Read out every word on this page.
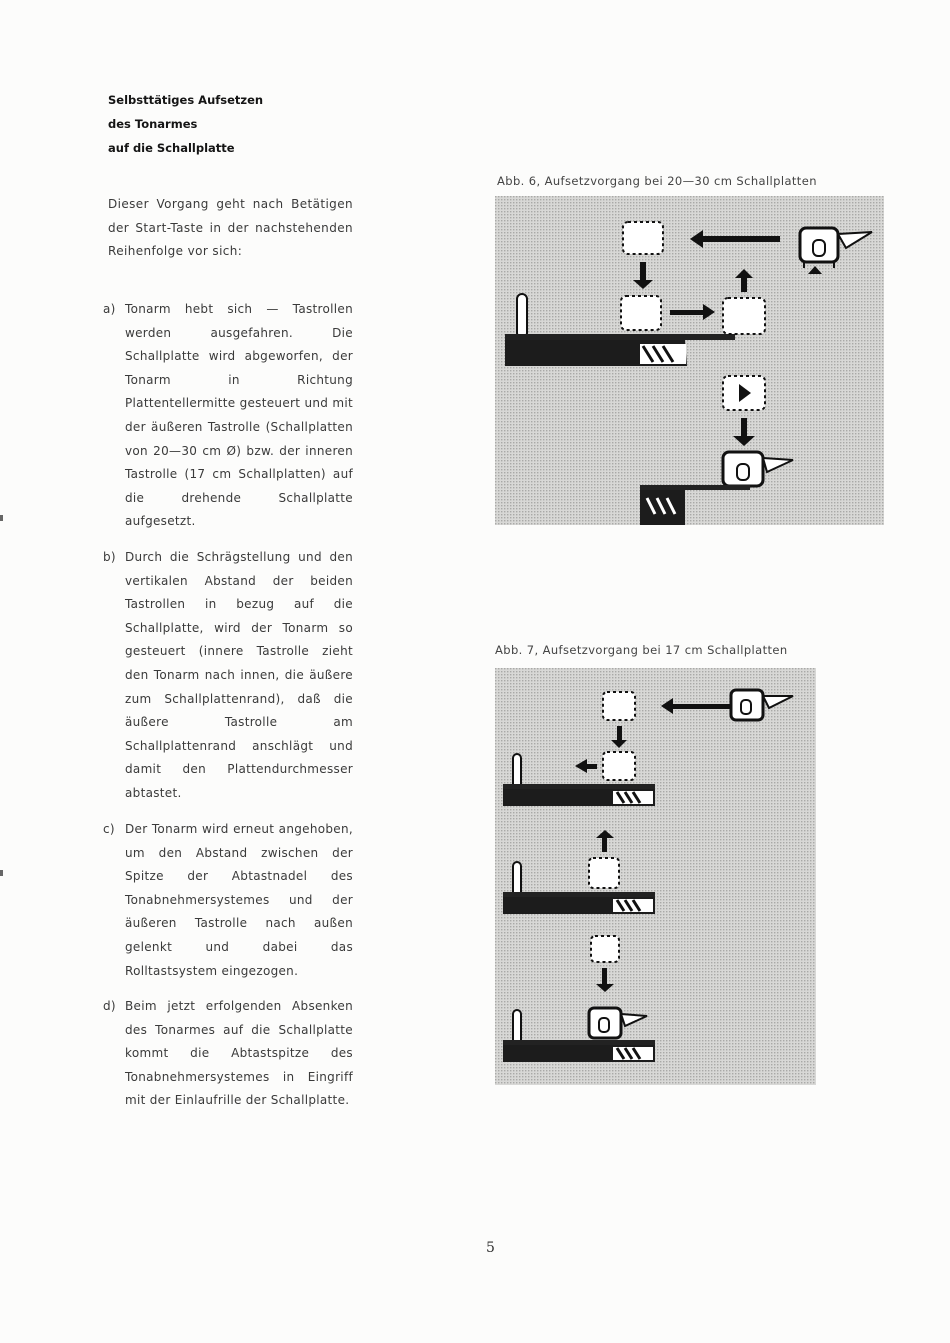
Selbsttätiges Aufsetzen
des Tonarmes
auf die Schallplatte
Dieser Vorgang geht nach Betätigen der Start-Taste in der nachstehenden Reihenfolge vor sich:
a) Tonarm hebt sich — Tastrollen werden ausgefahren. Die Schallplatte wird abgeworfen, der Tonarm in Richtung Plattentellermitte gesteuert und mit der äußeren Tastrolle (Schallplatten von 20—30 cm Ø) bzw. der inneren Tastrolle (17 cm Schallplatten) auf die drehende Schallplatte aufgesetzt.
b) Durch die Schrägstellung und den vertikalen Abstand der beiden Tastrollen in bezug auf die Schallplatte, wird der Tonarm so gesteuert (innere Tastrolle zieht den Tonarm nach innen, die äußere zum Schallplattenrand), daß die äußere Tastrolle am Schallplattenrand anschlägt und damit den Plattendurchmesser abtastet.
c) Der Tonarm wird erneut angehoben, um den Abstand zwischen der Spitze der Abtastnadel des Tonabnehmersystemes und der äußeren Tastrolle nach außen gelenkt und dabei das Rolltastsystem eingezogen.
d) Beim jetzt erfolgenden Absenken des Tonarmes auf die Schallplatte kommt die Abtastspitze des Tonabnehmersystemes in Eingriff mit der Einlaufrille der Schallplatte.
Abb. 6, Aufsetzvorgang bei 20—30 cm Schallplatten
Abb. 7, Aufsetzvorgang bei 17 cm Schallplatten
5
